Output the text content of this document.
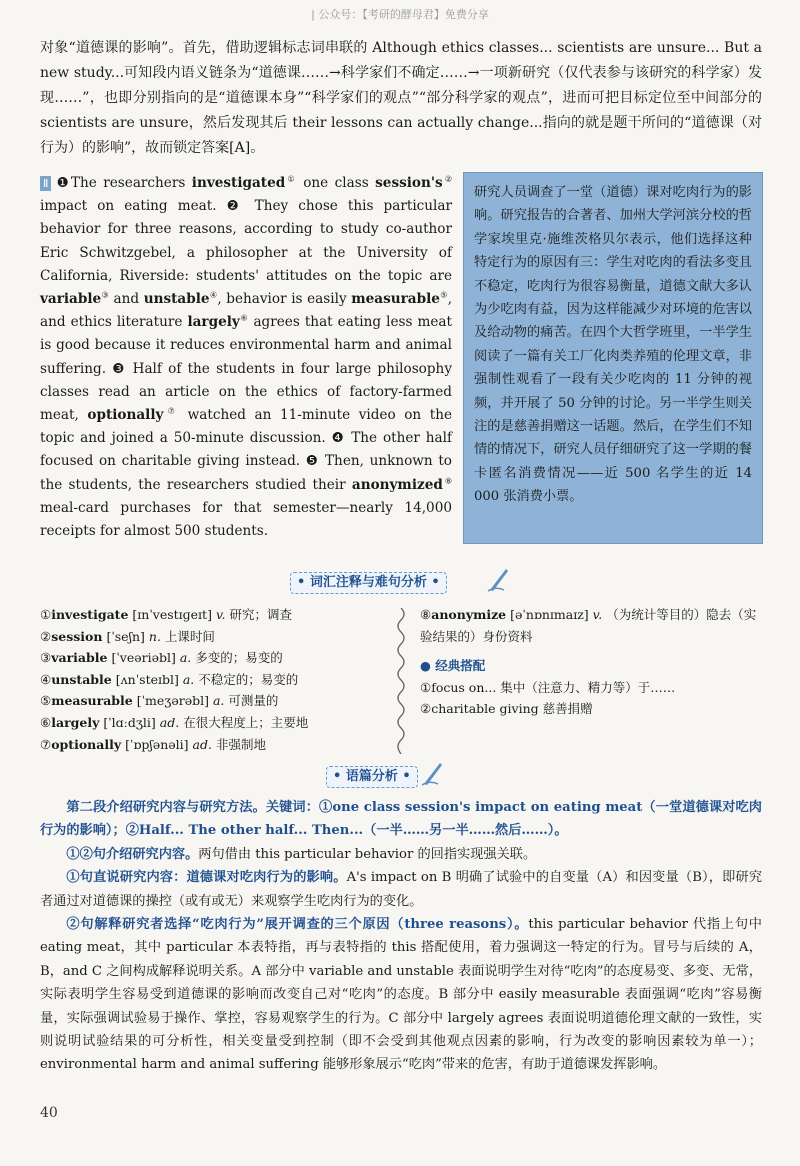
| 公众号：【考研的酵母君】免费分享
对象“道德课的影响”。首先，借助逻辑标志词串联的 Although ethics classes... scientists are unsure... But a new study...可知段内语义链条为“道德课……→科学家们不确定……→一项新研究（仅代表参与该研究的科学家）发现……”，也即分别指向的是“道德课本身”“科学家们的观点”“部分科学家的观点”，进而可把目标定位至中间部分的 scientists are unsure，然后发现其后 their lessons can actually change...指向的就是题干所问的“道德课（对行为）的影响”，故而锁定答案[A]。
Ⅱ ❶The researchers investigated① one class session's② impact on eating meat. ❷ They chose this particular behavior for three reasons, according to study co-author Eric Schwitzgebel, a philosopher at the University of California, Riverside: students' attitudes on the topic are variable③ and unstable④, behavior is easily measurable⑤, and ethics literature largely⑥ agrees that eating less meat is good because it reduces environmental harm and animal suffering. ❸ Half of the students in four large philosophy classes read an article on the ethics of factory-farmed meat, optionally⑦ watched an 11-minute video on the topic and joined a 50-minute discussion. ❹ The other half focused on charitable giving instead. ❺ Then, unknown to the students, the researchers studied their anonymized⑧ meal-card purchases for that semester—nearly 14,000 receipts for almost 500 students.
研究人员调查了一堂（道德）课对吃肉行为的影响。研究报告的合著者、加州大学河滨分校的哲学家埃里克·施维茨格贝尔表示，他们选择这种特定行为的原因有三：学生对吃肉的看法多变且不稳定，吃肉行为很容易衡量，道德文献大多认为少吃肉有益，因为这样能减少对环境的危害以及给动物的痛苦。在四个大哲学班里，一半学生阅读了一篇有关工厂化肉类养殖的伦理文章，非强制性观看了一段有关少吃肉的 11 分钟的视频，并开展了 50 分钟的讨论。另一半学生则关注的是慈善捐赠这一话题。然后，在学生们不知情的情况下，研究人员仔细研究了这一学期的餐卡匿名消费情况——近 500 名学生的近 14 000 张消费小票。
• 词汇注释与难句分析 •
①investigate [ɪnˈvestɪɡeɪt] v. 研究；调查
②session [ˈseʃn] n. 上课时间
③variable [ˈveəriəbl] a. 多变的；易变的
④unstable [ʌnˈsteɪbl] a. 不稳定的；易变的
⑤measurable [ˈmeʒərəbl] a. 可测量的
⑥largely [ˈlɑːdʒli] ad. 在很大程度上；主要地
⑦optionally [ˈɒpʃənəli] ad. 非强制地
⑧anonymize [əˈnɒnɪmaɪz] v. （为统计等目的）隐去（实验结果的）身份资料
● 经典搭配
①focus on... 集中（注意力、精力等）于……
②charitable giving 慈善捐赠
• 语篇分析 •

第二段介绍研究内容与研究方法。关键词：①one class session's impact on eating meat（一堂道德课对吃肉行为的影响）；②Half... The other half... Then...（一半……另一半……然后……）。

①②句介绍研究内容。两句借由 this particular behavior 的回指实现强关联。

①句直说研究内容：道德课对吃肉行为的影响。A's impact on B 明确了试验中的自变量（A）和因变量（B），即研究者通过对道德课的操控（或有或无）来观察学生吃肉行为的变化。

②句解释研究者选择“吃肉行为”展开调查的三个原因（three reasons）。this particular behavior 代指上句中 eating meat，其中 particular 本表特指，再与表特指的 this 搭配使用，着力强调这一特定的行为。冒号与后续的 A，B，and C 之间构成解释说明关系。A 部分中 variable and unstable 表面说明学生对待“吃肉”的态度易变、多变、无常，实际表明学生容易受到道德课的影响而改变自己对“吃肉”的态度。B 部分中 easily measurable 表面强调“吃肉”容易衡量，实际强调试验易于操作、掌控，容易观察学生的行为。C 部分中 largely agrees 表面说明道德伦理文献的一致性，实则说明试验结果的可分析性，相关变量受到控制（即不会受到其他观点因素的影响，行为改变的影响因素较为单一）；environmental harm and animal suffering 能够形象展示“吃肉”带来的危害，有助于道德课发挥影响。

40
